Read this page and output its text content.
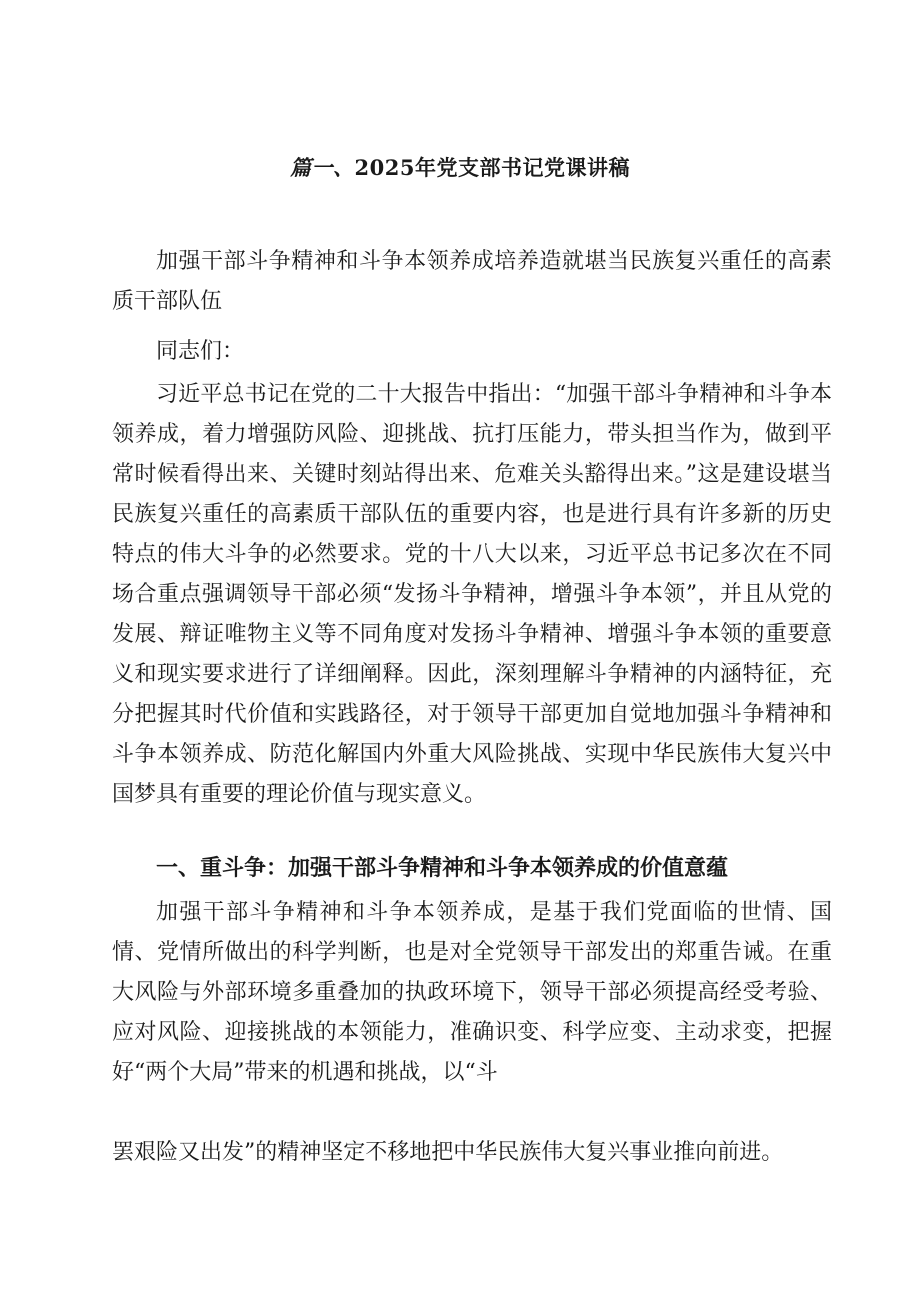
篇一、2025年党支部书记党课讲稿

加强干部斗争精神和斗争本领养成培养造就堪当民族复兴重任的高素质干部队伍

同志们：

习近平总书记在党的二十大报告中指出：“加强干部斗争精神和斗争本领养成，着力增强防风险、迎挑战、抗打压能力，带头担当作为，做到平常时候看得出来、关键时刻站得出来、危难关头豁得出来。”这是建设堪当民族复兴重任的高素质干部队伍的重要内容，也是进行具有许多新的历史特点的伟大斗争的必然要求。党的十八大以来，习近平总书记多次在不同场合重点强调领导干部必须“发扬斗争精神，增强斗争本领”，并且从党的发展、辩证唯物主义等不同角度对发扬斗争精神、增强斗争本领的重要意义和现实要求进行了详细阐释。因此，深刻理解斗争精神的内涵特征，充分把握其时代价值和实践路径，对于领导干部更加自觉地加强斗争精神和斗争本领养成、防范化解国内外重大风险挑战、实现中华民族伟大复兴中国梦具有重要的理论价值与现实意义。

一、重斗争：加强干部斗争精神和斗争本领养成的价值意蕴

加强干部斗争精神和斗争本领养成，是基于我们党面临的世情、国情、党情所做出的科学判断，也是对全党领导干部发出的郑重告诫。在重大风险与外部环境多重叠加的执政环境下，领导干部必须提高经受考验、应对风险、迎接挑战的本领能力，准确识变、科学应变、主动求变，把握好“两个大局”带来的机遇和挑战，以“斗

罢艰险又出发”的精神坚定不移地把中华民族伟大复兴事业推向前进。
